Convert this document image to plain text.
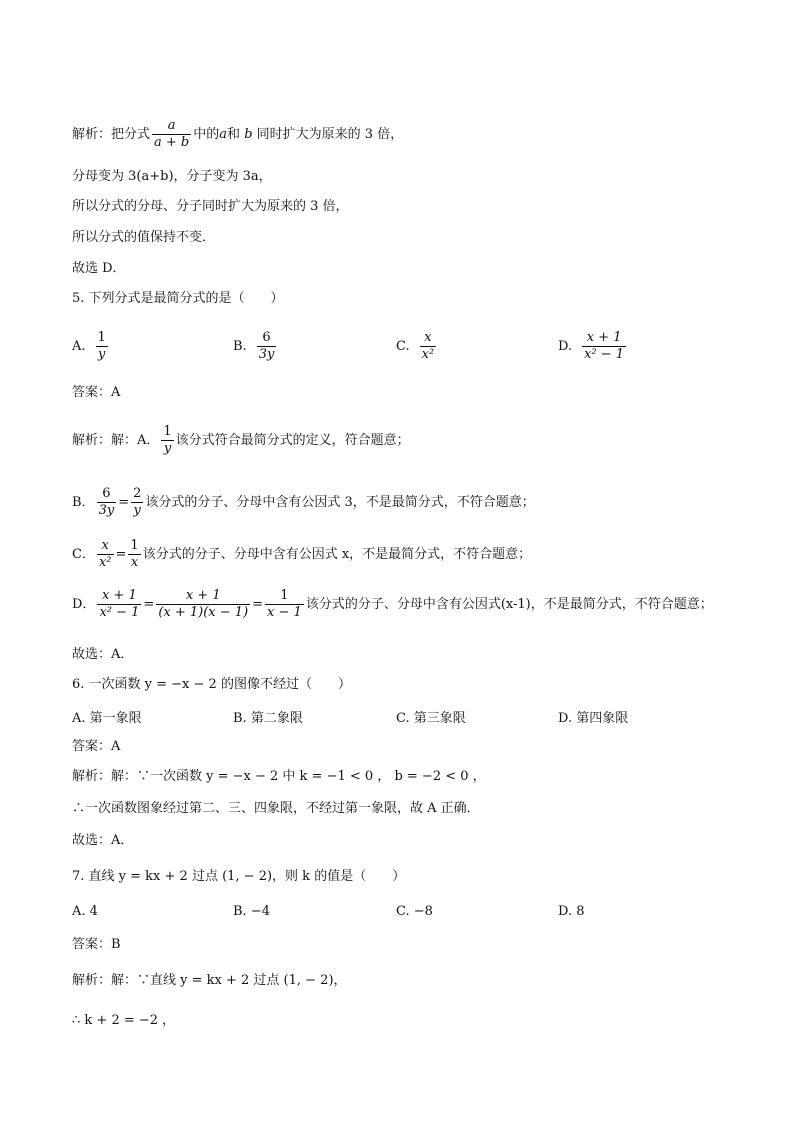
解析：把分式 $\frac{a}{a + b}$ 中的a和 b 同时扩大为原来的 3 倍，
分母变为 3(a+b)，分子变为 3a，
所以分式的分母、分子同时扩大为原来的 3 倍，
所以分式的值保持不变．
故选 D．
5. 下列分式是最简分式的是（　　）
A. $\frac{1}{y}$	B. $\frac{6}{3y}$	C. $\frac{x}{\text{x²}}$	D. $\frac{x + 1}{\text{x² − 1}}$
答案：A
解析：解：A． $\frac{1}{y}$ 该分式符合最简分式的定义，符合题意；
B． $\frac{6}{3y} = \frac{2}{y}$ 该分式的分子、分母中含有公因式 3，不是最简分式，不符合题意；
C． $\frac{x}{\text{x²}} = \frac{1}{x}$ 该分式的分子、分母中含有公因式 x，不是最简分式，不符合题意；
D． $\frac{x + 1}{\text{x² − 1}} = \frac{x + 1}{(x + 1)(x - 1)} = \frac{1}{x - 1}$ 该分式的分子、分母中含有公因式(x-1)，不是最简分式，不符合题意；
故选：A．
6. 一次函数 y = −x − 2 的图像不经过（　　）
A. 第一象限	B. 第二象限	C. 第三象限	D. 第四象限
答案：A
解析：解：∵一次函数 y = −x − 2 中 k = −1 < 0 ， b = −2 < 0 ，
∴一次函数图象经过第二、三、四象限，不经过第一象限，故 A 正确．
故选：A．
7. 直线 y = kx + 2 过点 (1, − 2)，则 k 的值是（　　）
A. 4	B. −4	C. −8	D. 8
答案：B
解析：解：∵直线 y = kx + 2 过点 (1, − 2)，
∴ k + 2 = −2 ，
